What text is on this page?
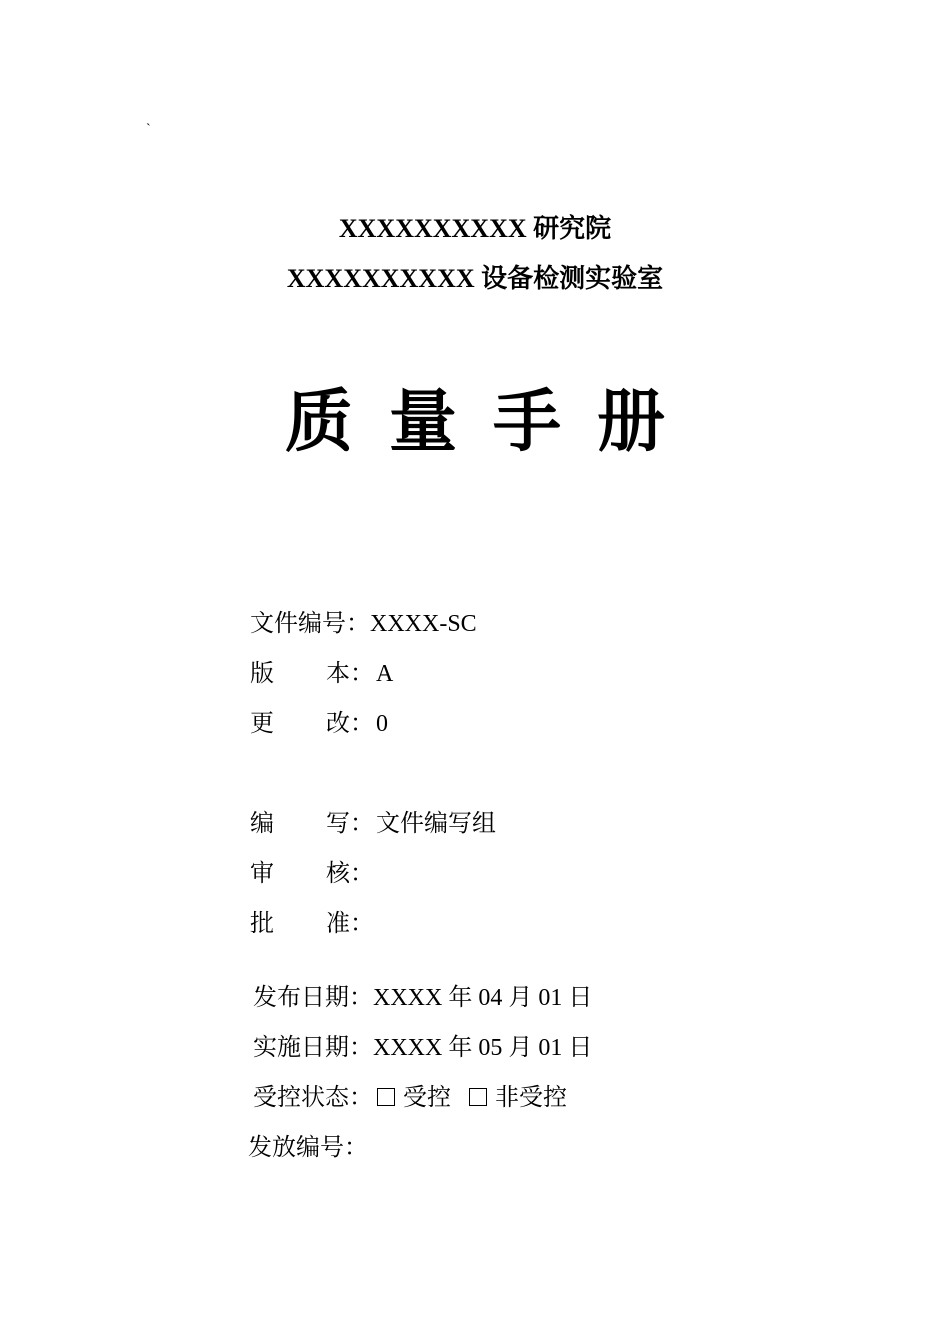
`
XXXXXXXXXX 研究院
XXXXXXXXXX 设备检测实验室
质量手册
文件编号：XXXX-SC
版 本：A
更 改：0
编 写：文件编写组
审 核：
批 准：
发布日期：XXXX 年 04 月 01 日
实施日期：XXXX 年 05 月 01 日
受控状态： 受控 非受控
发放编号：
